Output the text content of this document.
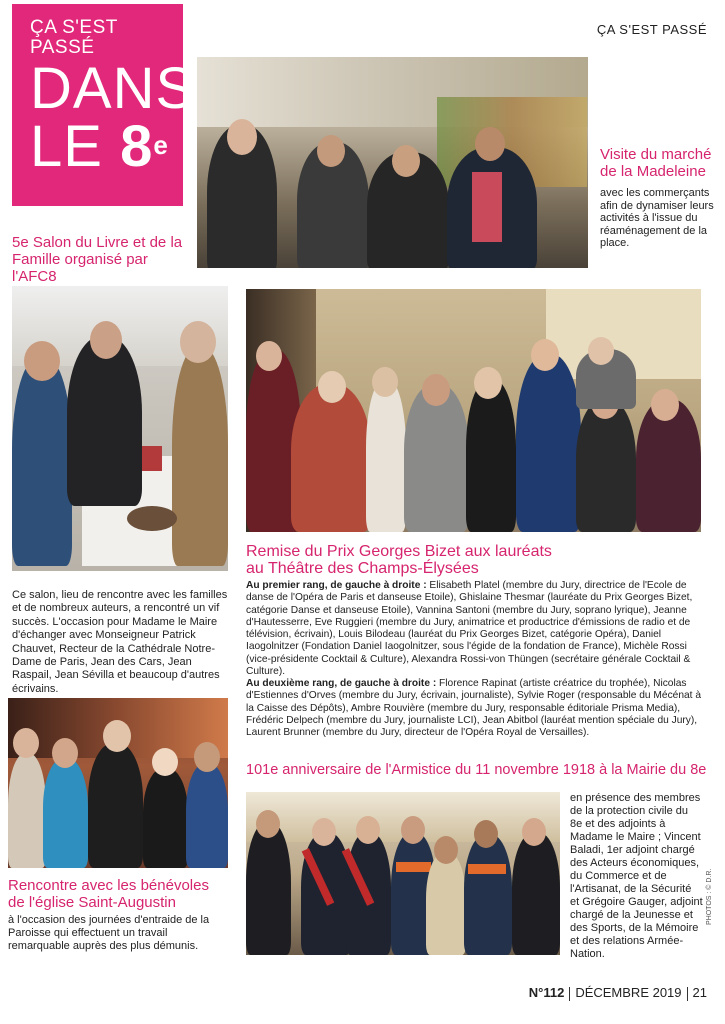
ÇA S'EST PASSÉ
DANS
LE 8e
ÇA S'EST PASSÉ
Visite du marché de la Madeleine
avec les commerçants afin de dynamiser leurs activités à l'issue du réaménagement de la place.
5e Salon du Livre et de la Famille organisé par l'AFC8
Ce salon, lieu de rencontre avec les familles et de nombreux auteurs, a rencontré un vif succès. L'occasion pour Madame le Maire d'échanger avec Monseigneur Patrick Chauvet, Recteur de la Cathédrale Notre-Dame de Paris, Jean des Cars, Jean Raspail, Jean Sévilla et beaucoup d'autres écrivains.
Remise du Prix Georges Bizet aux lauréats au Théâtre des Champs-Élysées
Au premier rang, de gauche à droite : Elisabeth Platel (membre du Jury, directrice de l'Ecole de danse de l'Opéra de Paris et danseuse Etoile), Ghislaine Thesmar (lauréate du Prix Georges Bizet, catégorie Danse et danseuse Etoile), Vannina Santoni (membre du Jury, soprano lyrique), Jeanne d'Hautesserre, Eve Ruggieri (membre du Jury, animatrice et productrice d'émissions de radio et de télévision, écrivain), Louis Bilodeau (lauréat du Prix Georges Bizet, catégorie Opéra), Daniel Iaogolnitzer (Fondation Daniel Iaogolnitzer, sous l'égide de la fondation de France), Michèle Rossi (vice-présidente Cocktail & Culture), Alexandra Rossi-von Thüngen (secrétaire générale Cocktail & Culture).
Au deuxième rang, de gauche à droite : Florence Rapinat (artiste créatrice du trophée), Nicolas d'Estiennes d'Orves (membre du Jury, écrivain, journaliste), Sylvie Roger (responsable du Mécénat à la Caisse des Dépôts), Ambre Rouvière (membre du Jury, responsable éditoriale Prisma Media), Frédéric Delpech (membre du Jury, journaliste LCI), Jean Abitbol (lauréat mention spéciale du Jury), Laurent Brunner (membre du Jury, directeur de l'Opéra Royal de Versailles).
Rencontre avec les bénévoles de l'église Saint-Augustin
à l'occasion des journées d'entraide de la Paroisse qui effectuent un travail remarquable auprès des plus démunis.
101e anniversaire de l'Armistice du 11 novembre 1918 à la Mairie du 8e
en présence des membres de la protection civile du 8e et des adjoints à Madame le Maire ; Vincent Baladi, 1er adjoint chargé des Acteurs économiques, du Commerce et de l'Artisanat, de la Sécurité et Grégoire Gauger, adjoint chargé de la Jeunesse et des Sports, de la Mémoire et des relations Armée-Nation.
PHOTOS : © D.R.
N°112 DÉCEMBRE 2019 21
